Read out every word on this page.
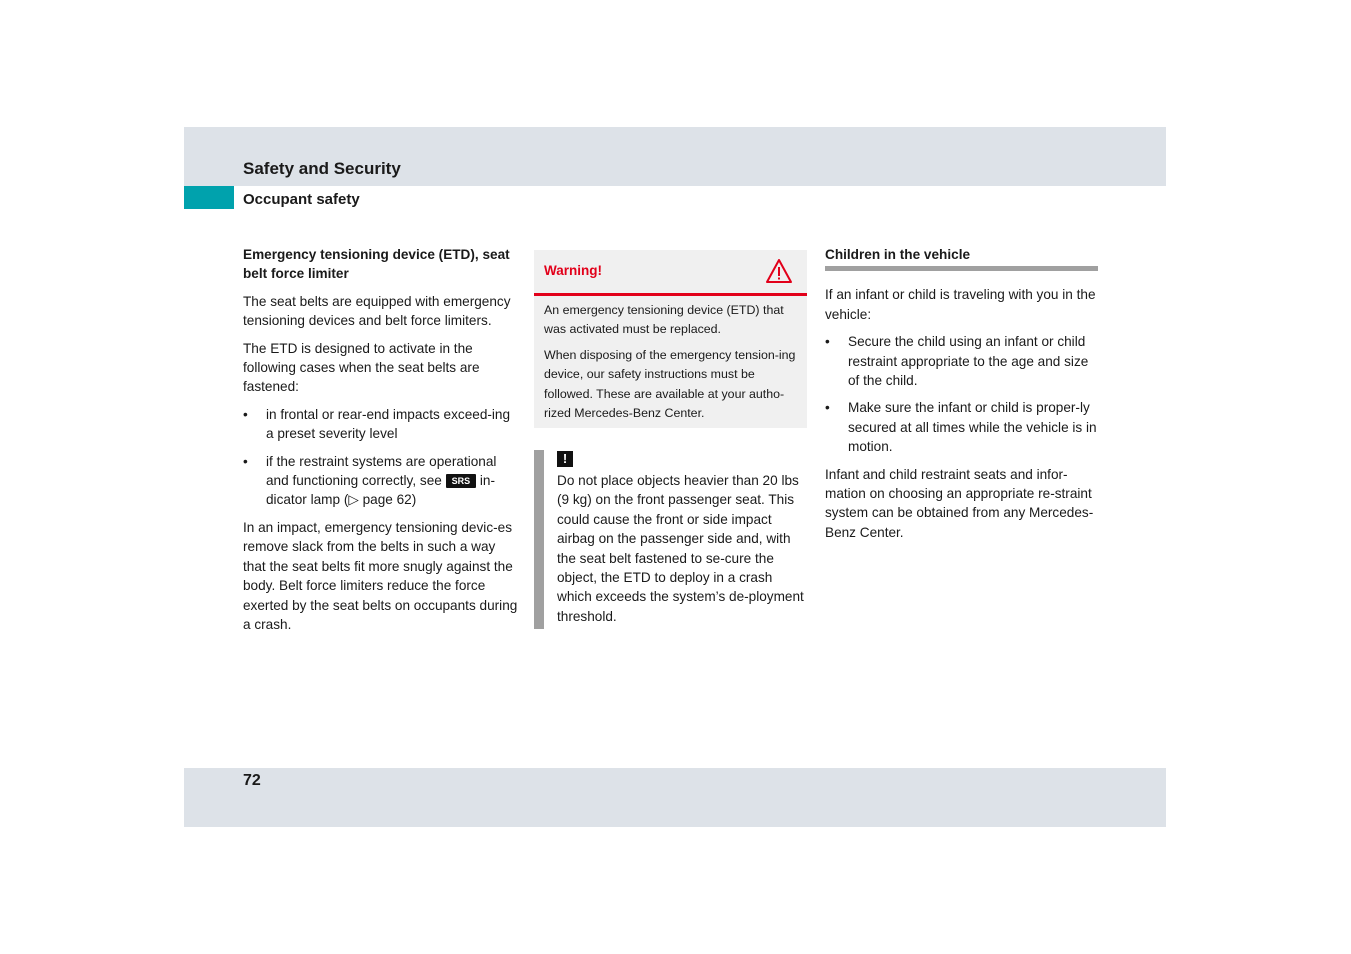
Safety and Security
Occupant safety
Emergency tensioning device (ETD), seat belt force limiter

The seat belts are equipped with emergency tensioning devices and belt force limiters.

The ETD is designed to activate in the following cases when the seat belts are fastened:

• in frontal or rear-end impacts exceed-ing a preset severity level
• if the restraint systems are operational and functioning correctly, see SRS in-dicator lamp (▷ page 62)

In an impact, emergency tensioning devic-es remove slack from the belts in such a way that the seat belts fit more snugly against the body. Belt force limiters reduce the force exerted by the seat belts on occupants during a crash.

Warning!

An emergency tensioning device (ETD) that was activated must be replaced.

When disposing of the emergency tension-ing device, our safety instructions must be followed. These are available at your autho-rized Mercedes-Benz Center.

!

Do not place objects heavier than 20 lbs (9 kg) on the front passenger seat. This could cause the front or side impact airbag on the passenger side and, with the seat belt fastened to se-cure the object, the ETD to deploy in a crash which exceeds the system’s de-ployment threshold.

Children in the vehicle

If an infant or child is traveling with you in the vehicle:

• Secure the child using an infant or child restraint appropriate to the age and size of the child.
• Make sure the infant or child is proper-ly secured at all times while the vehicle is in motion.

Infant and child restraint seats and infor-mation on choosing an appropriate re-straint system can be obtained from any Mercedes-Benz Center.

72
